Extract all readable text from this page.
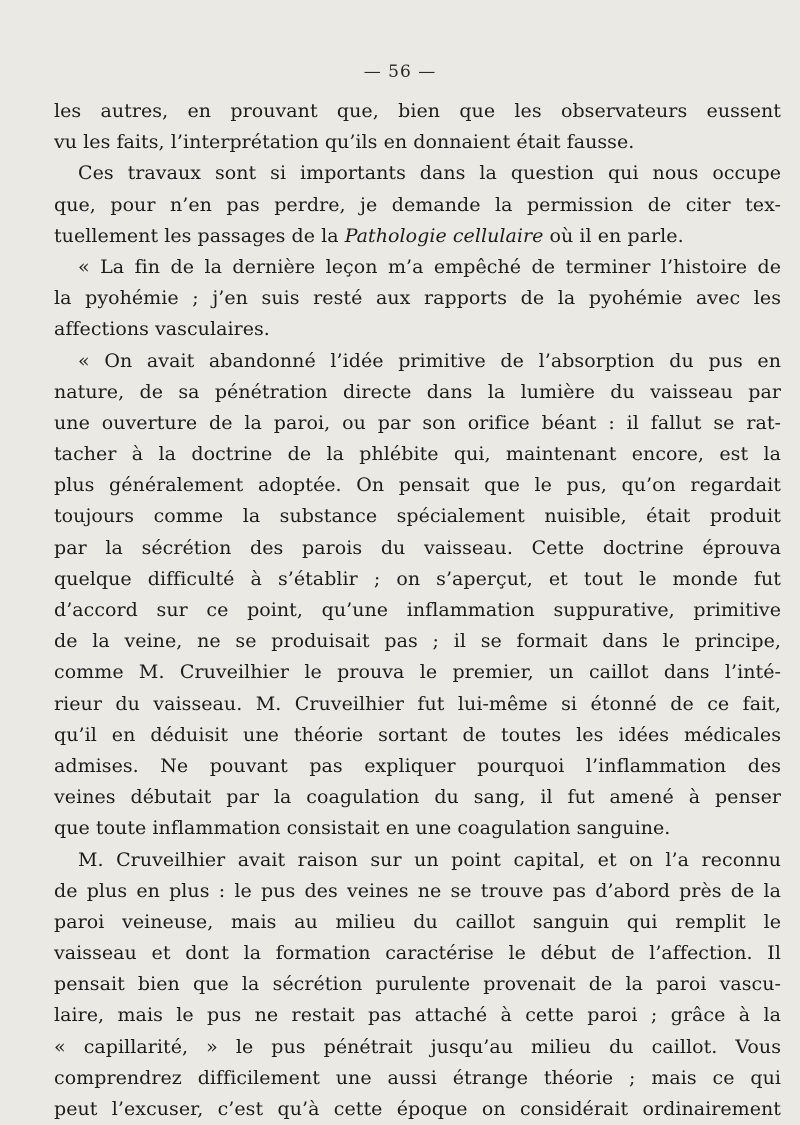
— 56 —
les autres, en prouvant que, bien que les observateurs eussent
vu les faits, l’interprétation qu’ils en donnaient était fausse.
Ces travaux sont si importants dans la question qui nous occupe
que, pour n’en pas perdre, je demande la permission de citer tex-
tuellement les passages de la Pathologie cellulaire où il en parle.
« La fin de la dernière leçon m’a empêché de terminer l’histoire de
la pyohémie ; j’en suis resté aux rapports de la pyohémie avec les
affections vasculaires.
« On avait abandonné l’idée primitive de l’absorption du pus en
nature, de sa pénétration directe dans la lumière du vaisseau par
une ouverture de la paroi, ou par son orifice béant : il fallut se rat-
tacher à la doctrine de la phlébite qui, maintenant encore, est la
plus généralement adoptée. On pensait que le pus, qu’on regardait
toujours comme la substance spécialement nuisible, était produit
par la sécrétion des parois du vaisseau. Cette doctrine éprouva
quelque difficulté à s’établir ; on s’aperçut, et tout le monde fut
d’accord sur ce point, qu’une inflammation suppurative, primitive
de la veine, ne se produisait pas ; il se formait dans le principe,
comme M. Cruveilhier le prouva le premier, un caillot dans l’inté-
rieur du vaisseau. M. Cruveilhier fut lui-même si étonné de ce fait,
qu’il en déduisit une théorie sortant de toutes les idées médicales
admises. Ne pouvant pas expliquer pourquoi l’inflammation des
veines débutait par la coagulation du sang, il fut amené à penser
que toute inflammation consistait en une coagulation sanguine.
M. Cruveilhier avait raison sur un point capital, et on l’a reconnu
de plus en plus : le pus des veines ne se trouve pas d’abord près de la
paroi veineuse, mais au milieu du caillot sanguin qui remplit le
vaisseau et dont la formation caractérise le début de l’affection. Il
pensait bien que la sécrétion purulente provenait de la paroi vascu-
laire, mais le pus ne restait pas attaché à cette paroi ; grâce à la
« capillarité, » le pus pénétrait jusqu’au milieu du caillot. Vous
comprendrez difficilement une aussi étrange théorie ; mais ce qui
peut l’excuser, c’est qu’à cette époque on considérait ordinairement
